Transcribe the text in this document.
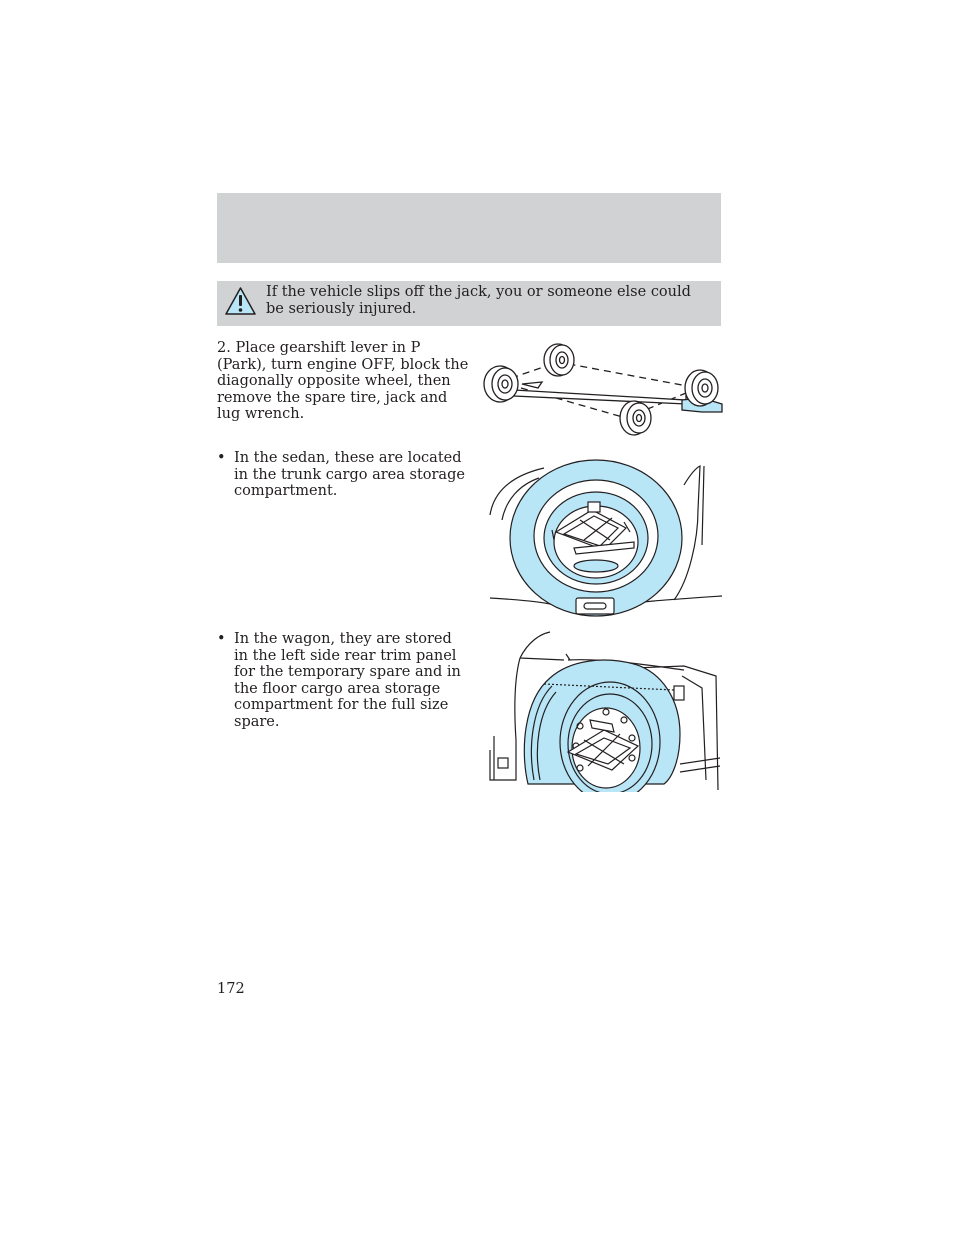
If the vehicle slips off the jack, you or someone else could be seriously injured.
2. Place gearshift lever in P (Park), turn engine OFF, block the diagonally opposite wheel, then remove the spare tire, jack and lug wrench.
• In the sedan, these are located in the trunk cargo area storage compartment.
• In the wagon, they are stored in the left side rear trim panel for the temporary spare and in the floor cargo area storage compartment for the full size spare.
172
